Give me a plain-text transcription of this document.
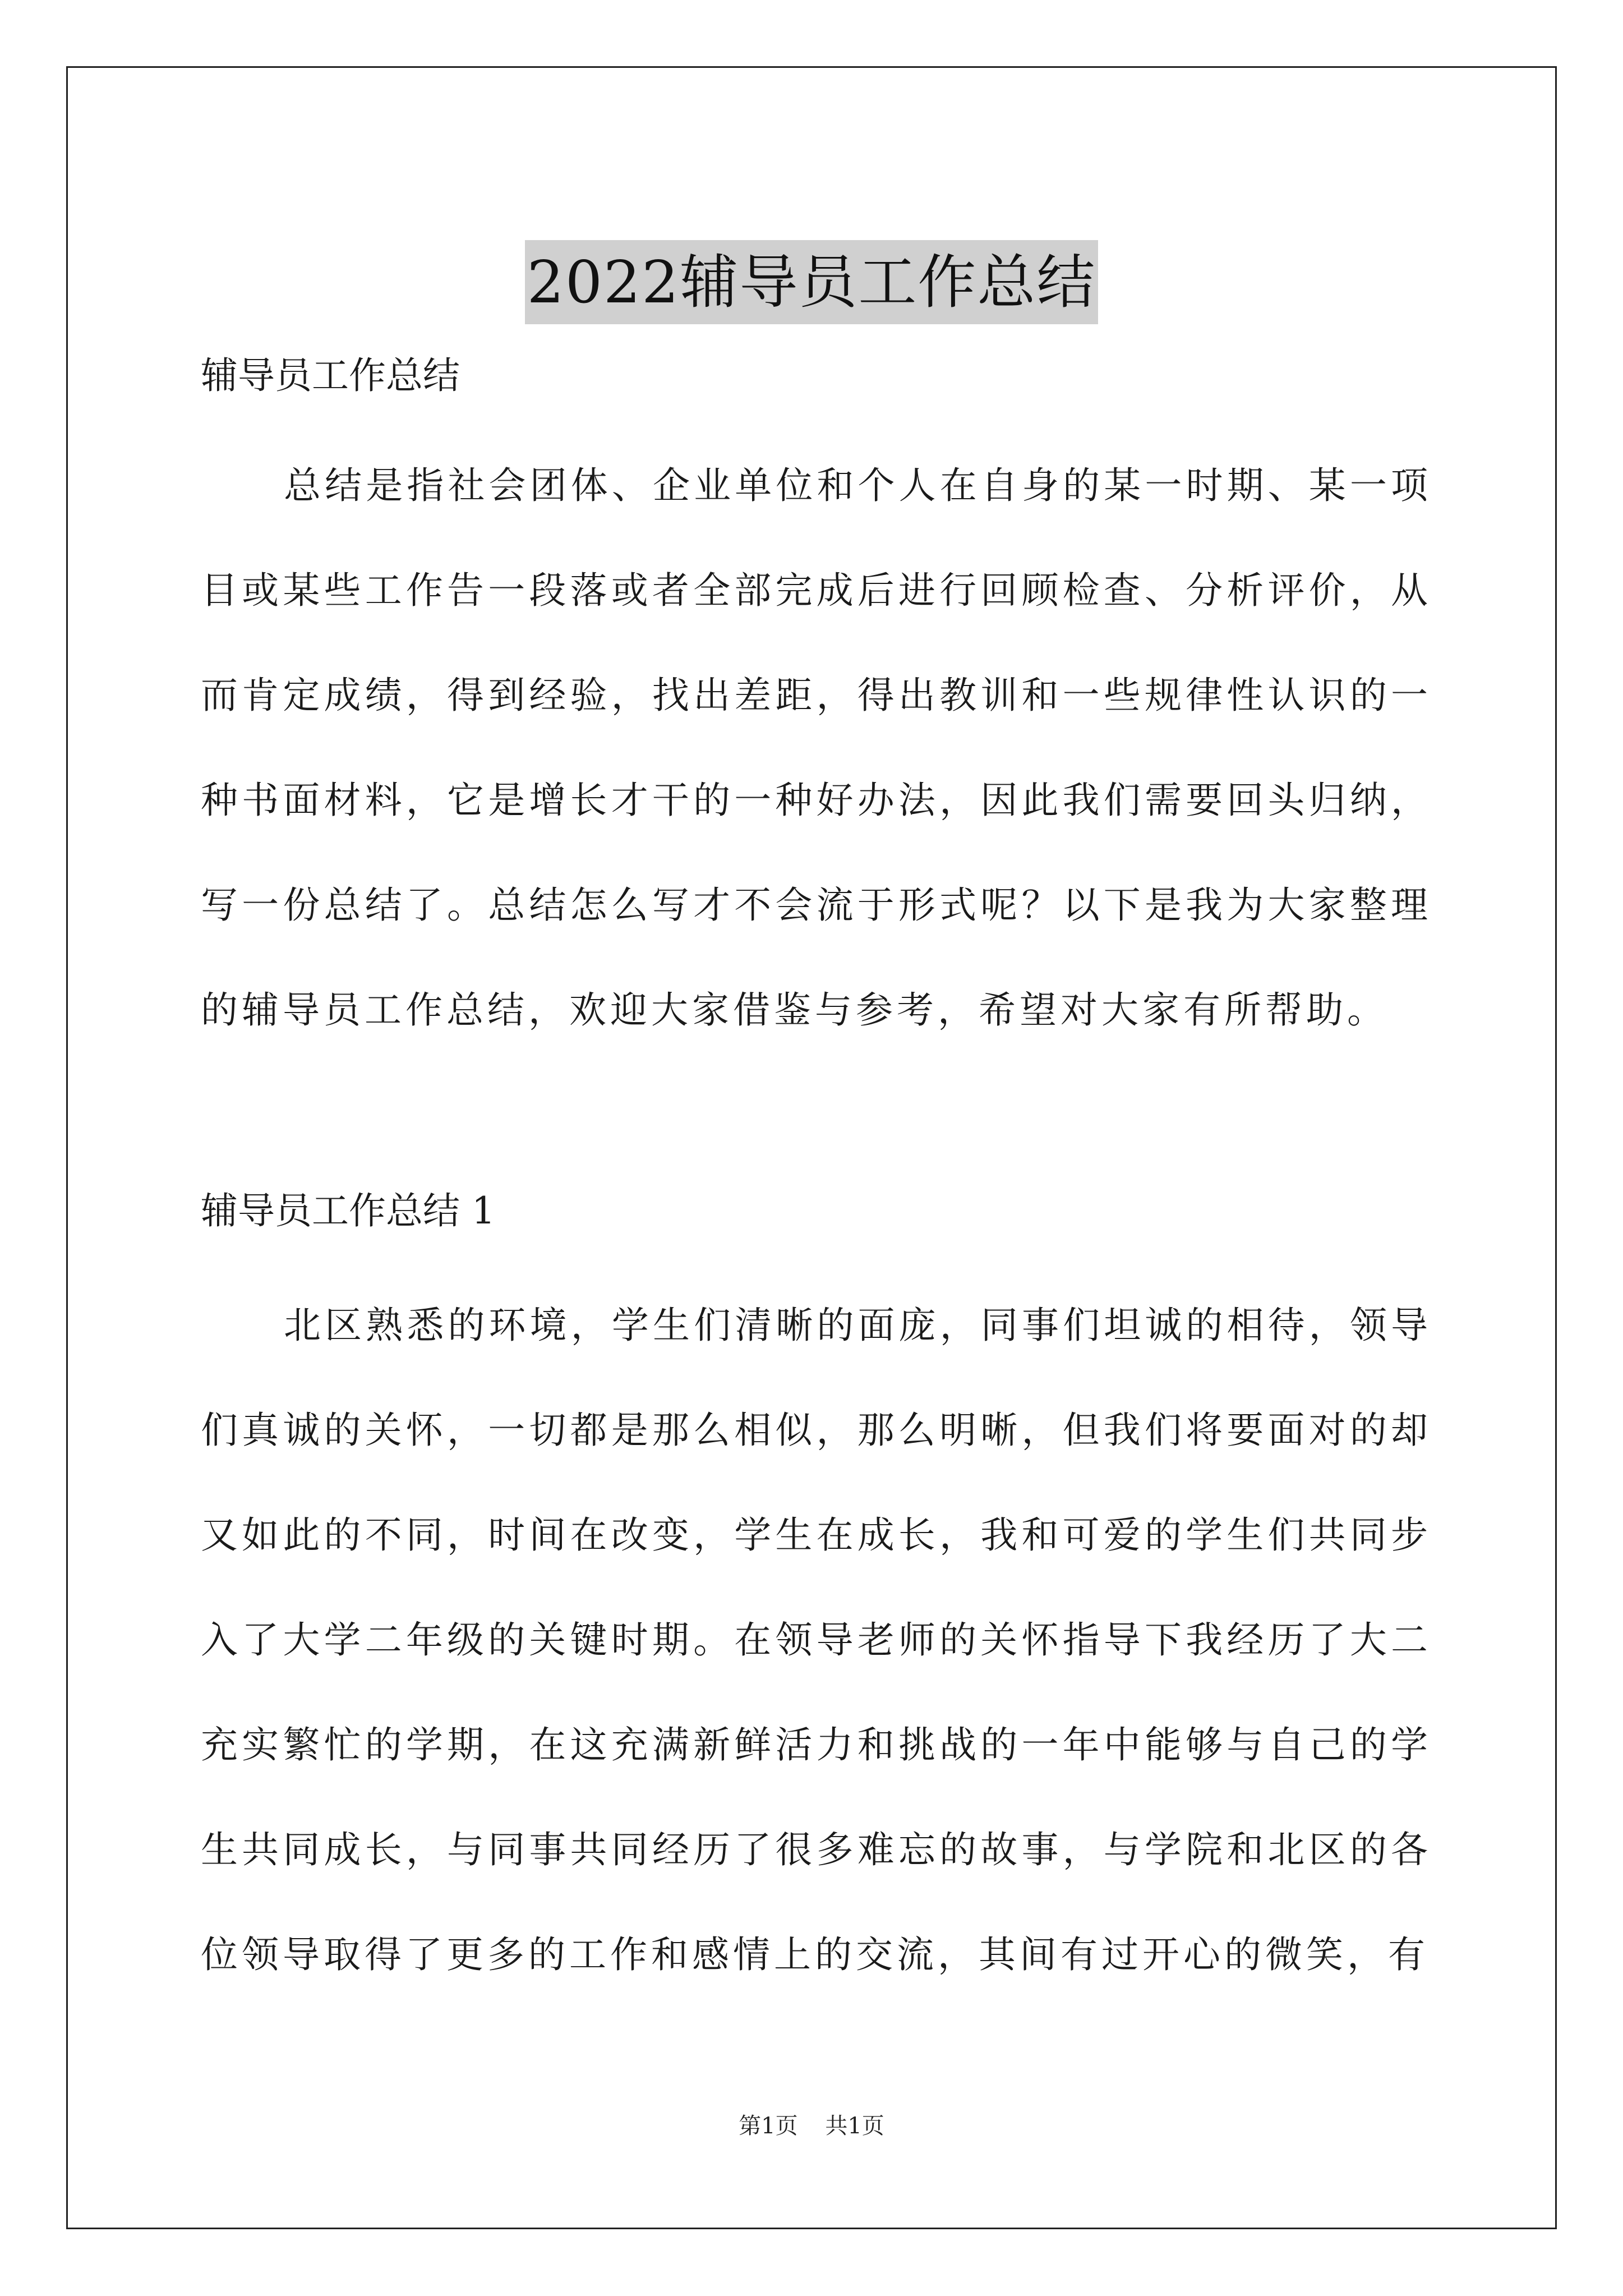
2022辅导员工作总结

辅导员工作总结

总结是指社会团体、企业单位和个人在自身的某一时期、某一项目或某些工作告一段落或者全部完成后进行回顾检查、分析评价，从而肯定成绩，得到经验，找出差距，得出教训和一些规律性认识的一种书面材料，它是增长才干的一种好办法，因此我们需要回头归纳，写一份总结了。总结怎么写才不会流于形式呢？以下是我为大家整理的辅导员工作总结，欢迎大家借鉴与参考，希望对大家有所帮助。

辅导员工作总结 1

北区熟悉的环境，学生们清晰的面庞，同事们坦诚的相待，领导们真诚的关怀，一切都是那么相似，那么明晰，但我们将要面对的却又如此的不同，时间在改变，学生在成长，我和可爱的学生们共同步入了大学二年级的关键时期。在领导老师的关怀指导下我经历了大二充实繁忙的学期，在这充满新鲜活力和挑战的一年中能够与自己的学生共同成长，与同事共同经历了很多难忘的故事，与学院和北区的各位领导取得了更多的工作和感情上的交流，其间有过开心的微笑，有

第1页 共1页
